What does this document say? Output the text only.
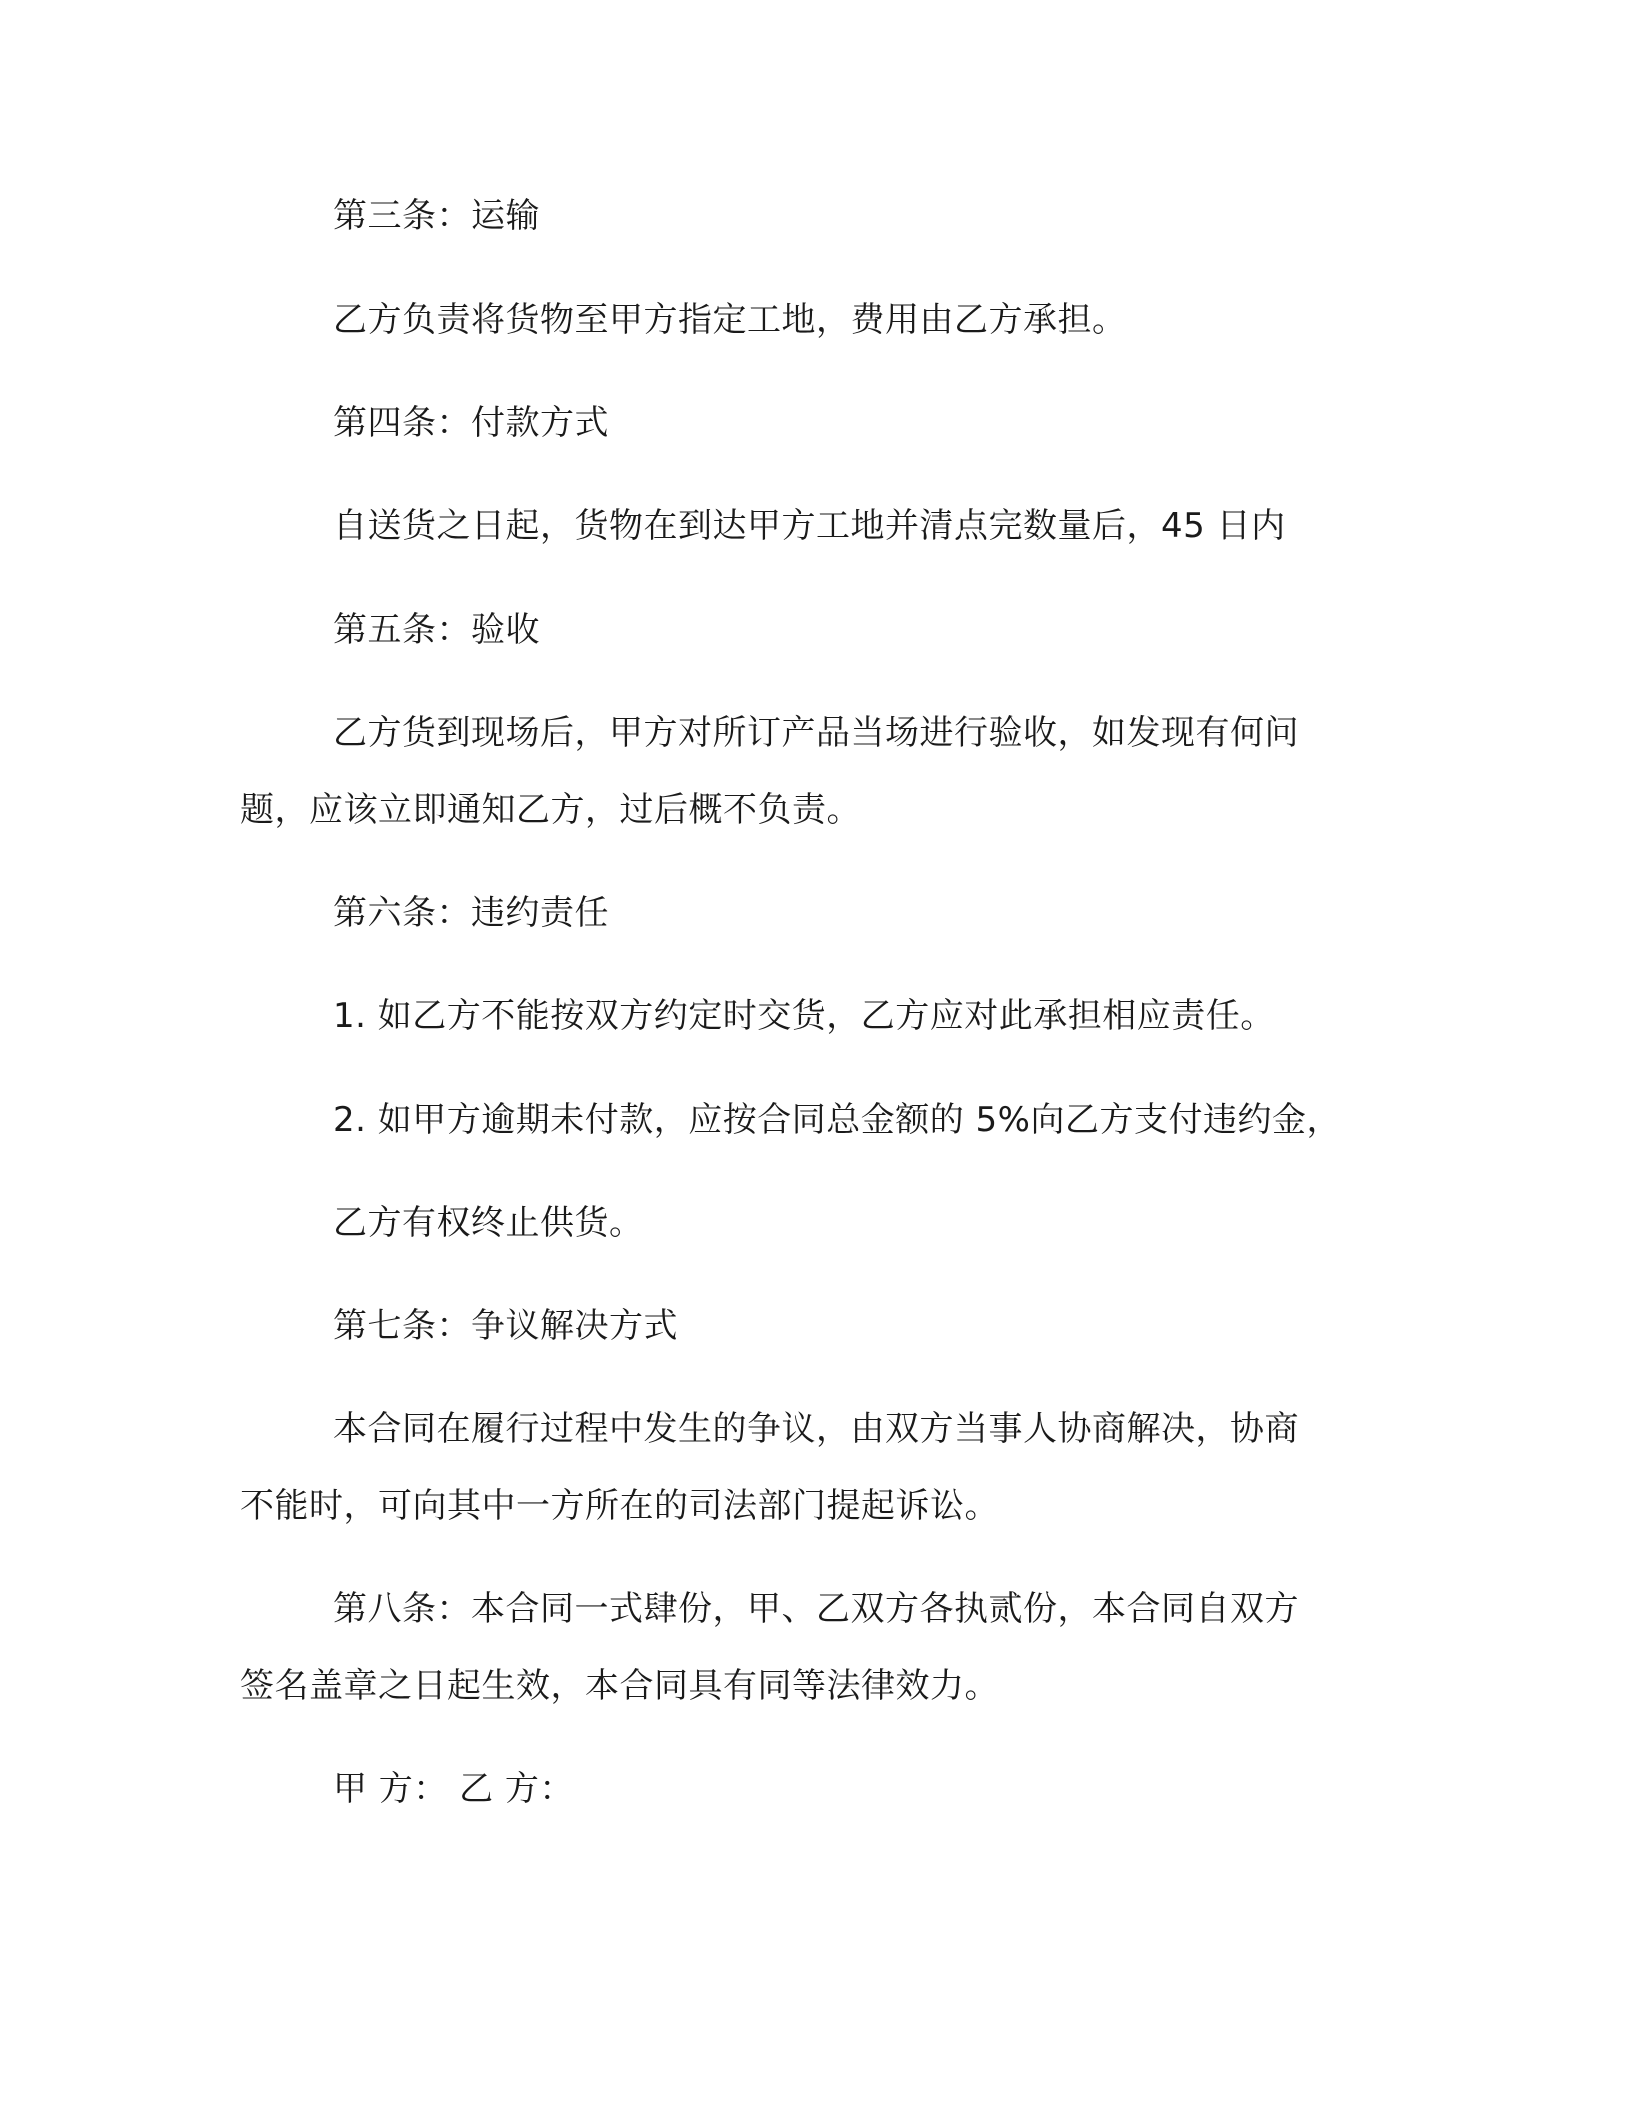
第三条：运输
乙方负责将货物至甲方指定工地，费用由乙方承担。
第四条：付款方式
自送货之日起，货物在到达甲方工地并清点完数量后，45 日内
第五条：验收
乙方货到现场后，甲方对所订产品当场进行验收，如发现有何问
题，应该立即通知乙方，过后概不负责。
第六条：违约责任
1. 如乙方不能按双方约定时交货，乙方应对此承担相应责任。
2. 如甲方逾期未付款，应按合同总金额的 5%向乙方支付违约金，
乙方有权终止供货。
第七条：争议解决方式
本合同在履行过程中发生的争议，由双方当事人协商解决，协商
不能时，可向其中一方所在的司法部门提起诉讼。
第八条：本合同一式肆份，甲、乙双方各执贰份，本合同自双方
签名盖章之日起生效，本合同具有同等法律效力。
甲 方： 乙 方：
